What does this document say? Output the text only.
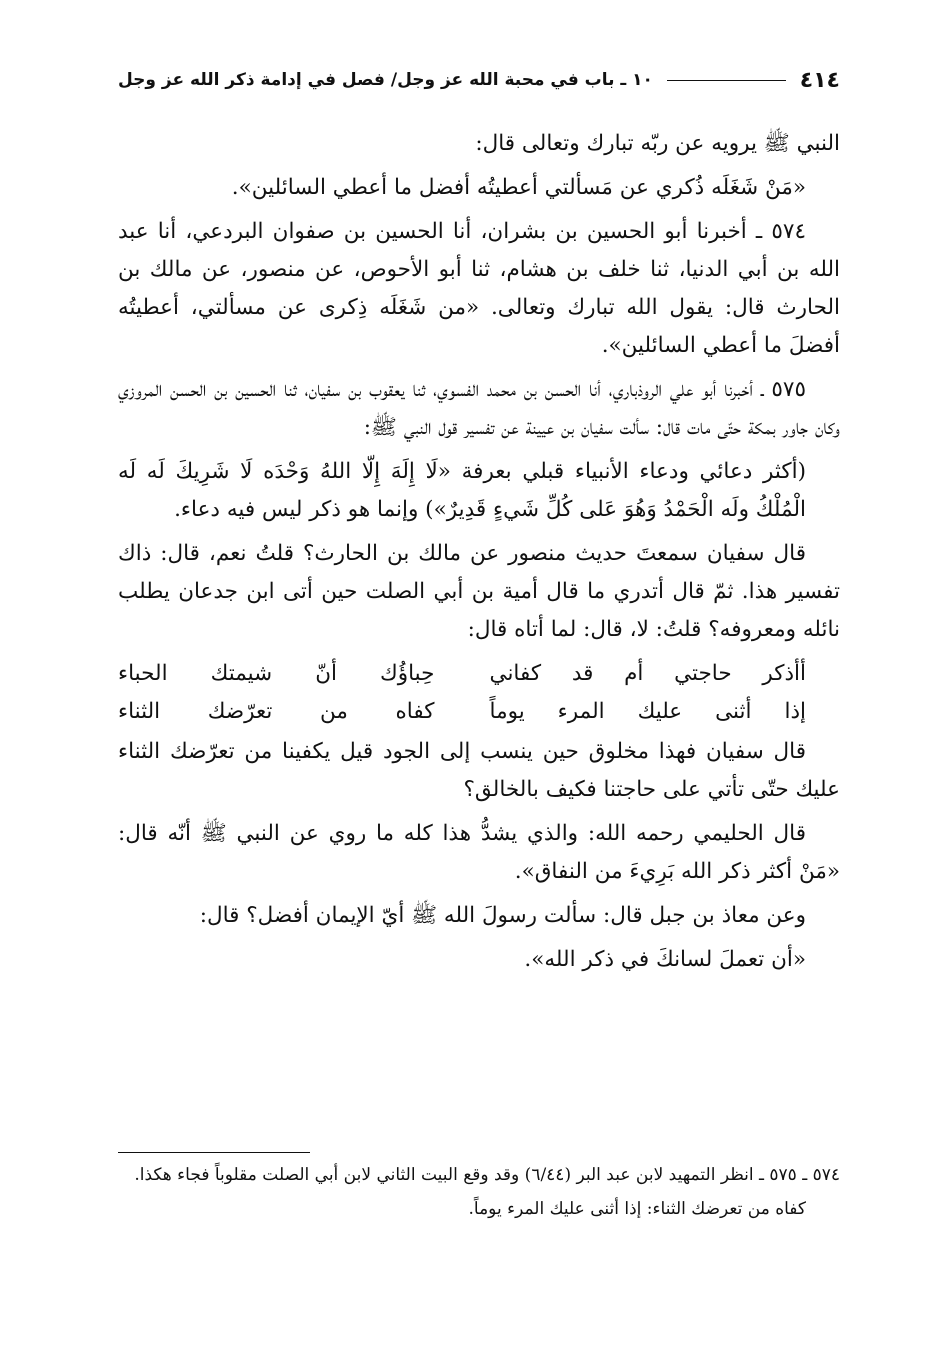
٤١٤
١٠ ـ باب في محبة الله عز وجل/ فصل في إدامة ذكر الله عز وجل

النبي ﷺ يرويه عن ربّه تبارك وتعالى قال:

«مَنْ شَغَلَه ذُكري عن مَسألتي أعطيتُه أفضل ما أعطي السائلين».

٥٧٤ ـ أخبرنا أبو الحسين بن بشران، أنا الحسين بن صفوان البردعي، أنا عبد الله بن أبي الدنيا، ثنا خلف بن هشام، ثنا أبو الأحوص، عن منصور، عن مالك بن الحارث قال: يقول الله تبارك وتعالى. «من شَغَلَه ذِكرى عن مسألتي، أعطيتُه أفضلَ ما أعطي السائلين».

٥٧٥ ـ أخبرنا أبو علي الروذباري، أنا الحسن بن محمد الفسوي، ثنا يعقوب بن سفيان، ثنا الحسين بن الحسن المروزي وكان جاور بمكة حتّى مات قال: سألت سفيان بن عيينة عن تفسير قول النبي ﷺ:

(أكثر دعائي ودعاء الأنبياء قبلي بعرفة «لَا إِلَهَ إِلّا اللهُ وَحْدَه لَا شَرِيكَ لَه لَه الْمُلْكُ ولَه الْحَمْدُ وَهُوَ عَلى كُلِّ شَيءٍ قَدِيرٌ») وإنما هو ذكر ليس فيه دعاء.

قال سفيان سمعتَ حديث منصور عن مالك بن الحارث؟ قلتُ نعم، قال: ذاك تفسير هذا. ثمّ قال أتدري ما قال أمية بن أبي الصلت حين أتى ابن جدعان يطلب نائله ومعروفه؟ قلتُ: لا، قال: لما أتاه قال:

أأذكر حاجتي أم قد كفاني
حِباؤُك أنّ شيمتك الحباء
إذا أثنى عليك المرء يوماً
كفاه من تعرّضك الثناء

قال سفيان فهذا مخلوق حين ينسب إلى الجود قيل يكفينا من تعرّضك الثناء عليك حتّى تأتي على حاجتنا فكيف بالخالق؟

قال الحليمي رحمه الله: والذي يشدُّ هذا كله ما روي عن النبي ﷺ أنّه قال: «مَنْ أكثر ذكر الله بَرِيءَ من النفاق».

وعن معاذ بن جبل قال: سألت رسولَ الله ﷺ أيّ الإيمان أفضل؟ قال:

«أن تعملَ لسانكَ في ذكر الله».

٥٧٤ ـ ٥٧٥ ـ انظر التمهيد لابن عبد البر (٦/٤٤) وقد وقع البيت الثاني لابن أبي الصلت مقلوباً فجاء هكذا.

كفاه من تعرضك الثناء: إذا أثنى عليك المرء يوماً.
